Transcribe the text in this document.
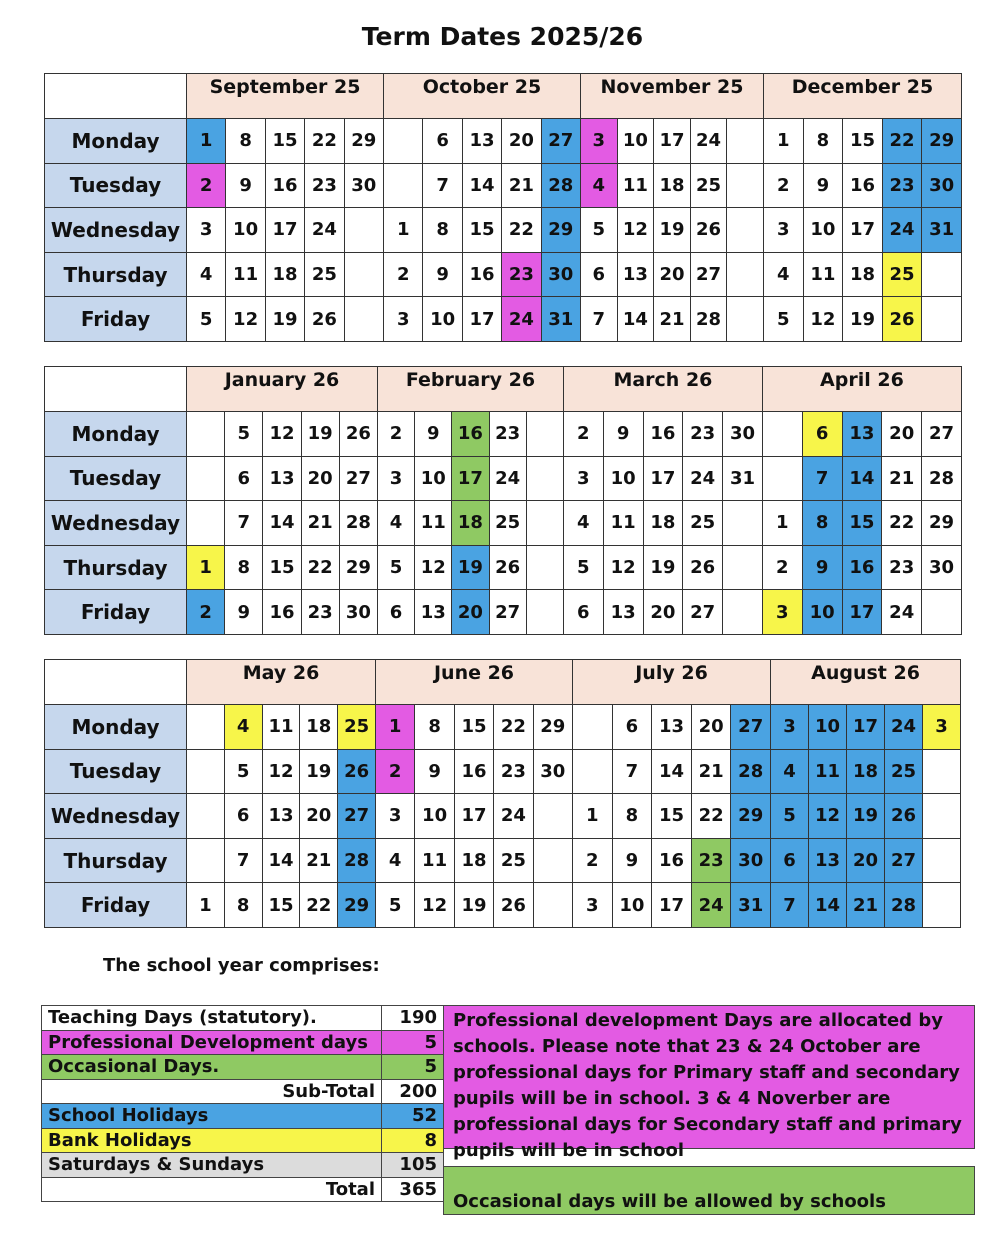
Term Dates 2025/26
	September 25					October 25					November 25					December 25				
Monday	1	8	15	22	29		6	13	20	27	3	10	17	24		1	8	15	22	29
Tuesday	2	9	16	23	30		7	14	21	28	4	11	18	25		2	9	16	23	30
Wednesday	3	10	17	24		1	8	15	22	29	5	12	19	26		3	10	17	24	31
Thursday	4	11	18	25		2	9	16	23	30	6	13	20	27		4	11	18	25	
Friday	5	12	19	26		3	10	17	24	31	7	14	21	28		5	12	19	26	
	January 26					February 26					March 26					April 26				
Monday		5	12	19	26	2	9	16	23		2	9	16	23	30		6	13	20	27
Tuesday		6	13	20	27	3	10	17	24		3	10	17	24	31		7	14	21	28
Wednesday		7	14	21	28	4	11	18	25		4	11	18	25		1	8	15	22	29
Thursday	1	8	15	22	29	5	12	19	26		5	12	19	26		2	9	16	23	30
Friday	2	9	16	23	30	6	13	20	27		6	13	20	27		3	10	17	24	
	May 26					June 26					July 26					August 26				
Monday		4	11	18	25	1	8	15	22	29		6	13	20	27	3	10	17	24	3
Tuesday		5	12	19	26	2	9	16	23	30		7	14	21	28	4	11	18	25	
Wednesday		6	13	20	27	3	10	17	24		1	8	15	22	29	5	12	19	26	
Thursday		7	14	21	28	4	11	18	25		2	9	16	23	30	6	13	20	27	
Friday	1	8	15	22	29	5	12	19	26		3	10	17	24	31	7	14	21	28	
The school year comprises:
Teaching Days (statutory).	190
Professional Development days	5
Occasional Days.	5
Sub-Total	200
School Holidays	52
Bank Holidays	8
Saturdays & Sundays	105
Total	365
Professional development Days are allocated by schools. Please note that 23 & 24 October are professional days for Primary staff and secondary pupils will be in school. 3 & 4 Noverber are professional days for Secondary staff and primary pupils will be in school
Occasional days will be allowed by schools
